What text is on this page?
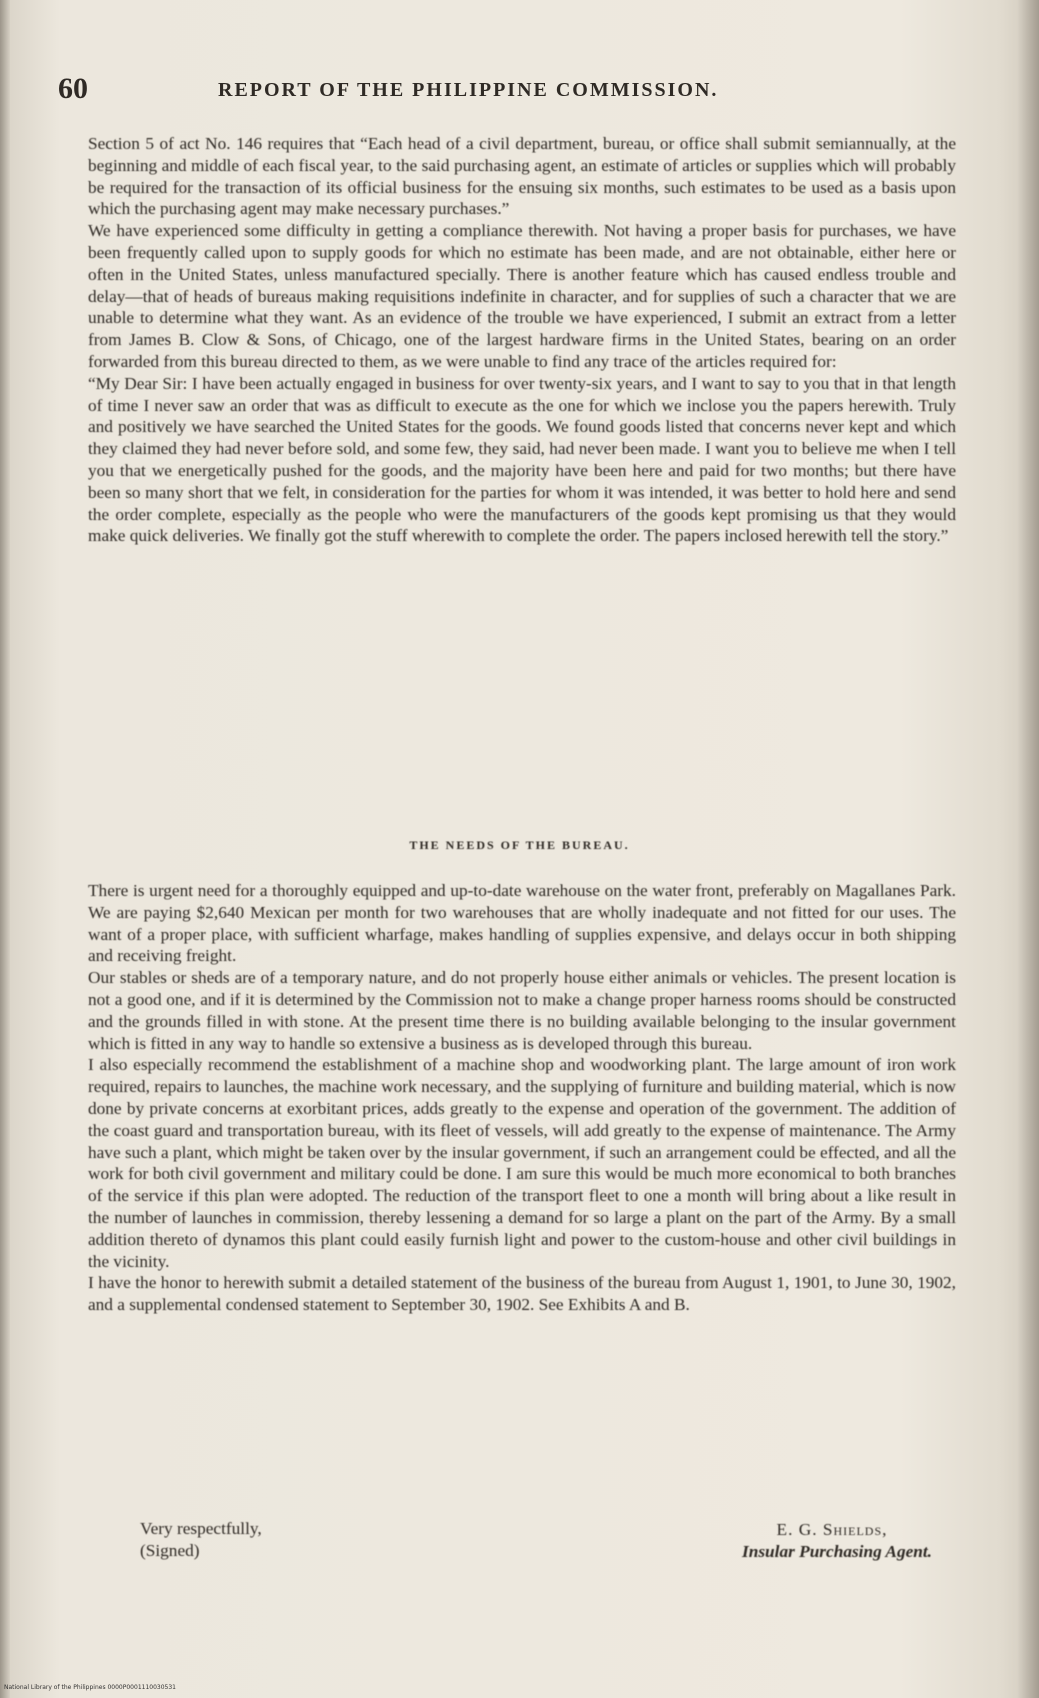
60	REPORT OF THE PHILIPPINE COMMISSION.

Section 5 of act No. 146 requires that “Each head of a civil department, bureau, or office shall submit semiannually, at the beginning and middle of each fiscal year, to the said purchasing agent, an estimate of articles or supplies which will probably be required for the transaction of its official business for the ensuing six months, such estimates to be used as a basis upon which the purchasing agent may make necessary purchases.”

We have experienced some difficulty in getting a compliance therewith. Not having a proper basis for purchases, we have been frequently called upon to supply goods for which no estimate has been made, and are not obtainable, either here or often in the United States, unless manufactured specially. There is another feature which has caused endless trouble and delay—that of heads of bureaus making requisitions indefinite in character, and for supplies of such a character that we are unable to determine what they want. As an evidence of the trouble we have experienced, I submit an extract from a letter from James B. Clow & Sons, of Chicago, one of the largest hardware firms in the United States, bearing on an order forwarded from this bureau directed to them, as we were unable to find any trace of the articles required for:

“My Dear Sir: I have been actually engaged in business for over twenty-six years, and I want to say to you that in that length of time I never saw an order that was as difficult to execute as the one for which we inclose you the papers herewith. Truly and positively we have searched the United States for the goods. We found goods listed that concerns never kept and which they claimed they had never before sold, and some few, they said, had never been made. I want you to believe me when I tell you that we energetically pushed for the goods, and the majority have been here and paid for two months; but there have been so many short that we felt, in consideration for the parties for whom it was intended, it was better to hold here and send the order complete, especially as the people who were the manufacturers of the goods kept promising us that they would make quick deliveries. We finally got the stuff wherewith to complete the order. The papers inclosed herewith tell the story.”

THE NEEDS OF THE BUREAU.

There is urgent need for a thoroughly equipped and up-to-date warehouse on the water front, preferably on Magallanes Park. We are paying $2,640 Mexican per month for two warehouses that are wholly inadequate and not fitted for our uses. The want of a proper place, with sufficient wharfage, makes handling of supplies expensive, and delays occur in both shipping and receiving freight.

Our stables or sheds are of a temporary nature, and do not properly house either animals or vehicles. The present location is not a good one, and if it is determined by the Commission not to make a change proper harness rooms should be constructed and the grounds filled in with stone. At the present time there is no building available belonging to the insular government which is fitted in any way to handle so extensive a business as is developed through this bureau.

I also especially recommend the establishment of a machine shop and woodworking plant. The large amount of iron work required, repairs to launches, the machine work necessary, and the supplying of furniture and building material, which is now done by private concerns at exorbitant prices, adds greatly to the expense and operation of the government. The addition of the coast guard and transportation bureau, with its fleet of vessels, will add greatly to the expense of maintenance. The Army have such a plant, which might be taken over by the insular government, if such an arrangement could be effected, and all the work for both civil government and military could be done. I am sure this would be much more economical to both branches of the service if this plan were adopted. The reduction of the transport fleet to one a month will bring about a like result in the number of launches in commission, thereby lessening a demand for so large a plant on the part of the Army. By a small addition thereto of dynamos this plant could easily furnish light and power to the custom-house and other civil buildings in the vicinity.

I have the honor to herewith submit a detailed statement of the business of the bureau from August 1, 1901, to June 30, 1902, and a supplemental condensed statement to September 30, 1902. See Exhibits A and B.

Very respectfully,
(Signed)
E. G. Shields,
Insular Purchasing Agent.
National Library of the Philippines 0000P000111003​0531
